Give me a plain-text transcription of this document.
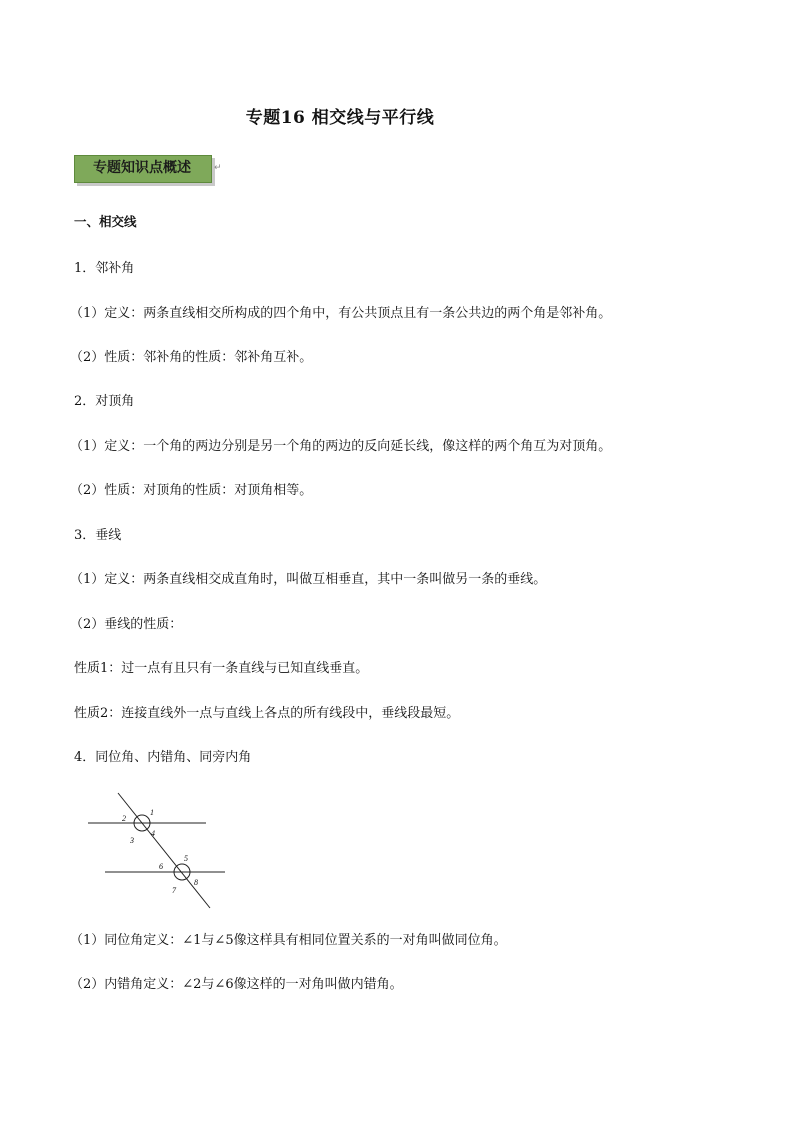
专题16 相交线与平行线
专题知识点概述	↵
一、相交线
1．邻补角
（1）定义：两条直线相交所构成的四个角中，有公共顶点且有一条公共边的两个角是邻补角。
（2）性质：邻补角的性质：邻补角互补。
2．对顶角
（1）定义：一个角的两边分别是另一个角的两边的反向延长线，像这样的两个角互为对顶角。
（2）性质：对顶角的性质：对顶角相等。
3．垂线
（1）定义：两条直线相交成直角时，叫做互相垂直，其中一条叫做另一条的垂线。
（2）垂线的性质：
性质1：过一点有且只有一条直线与已知直线垂直。
性质2：连接直线外一点与直线上各点的所有线段中，垂线段最短。
4．同位角、内错角、同旁内角
1
2
4
3
5
6
8
7
（1）同位角定义：∠1与∠5像这样具有相同位置关系的一对角叫做同位角。
（2）内错角定义：∠2与∠6像这样的一对角叫做内错角。
